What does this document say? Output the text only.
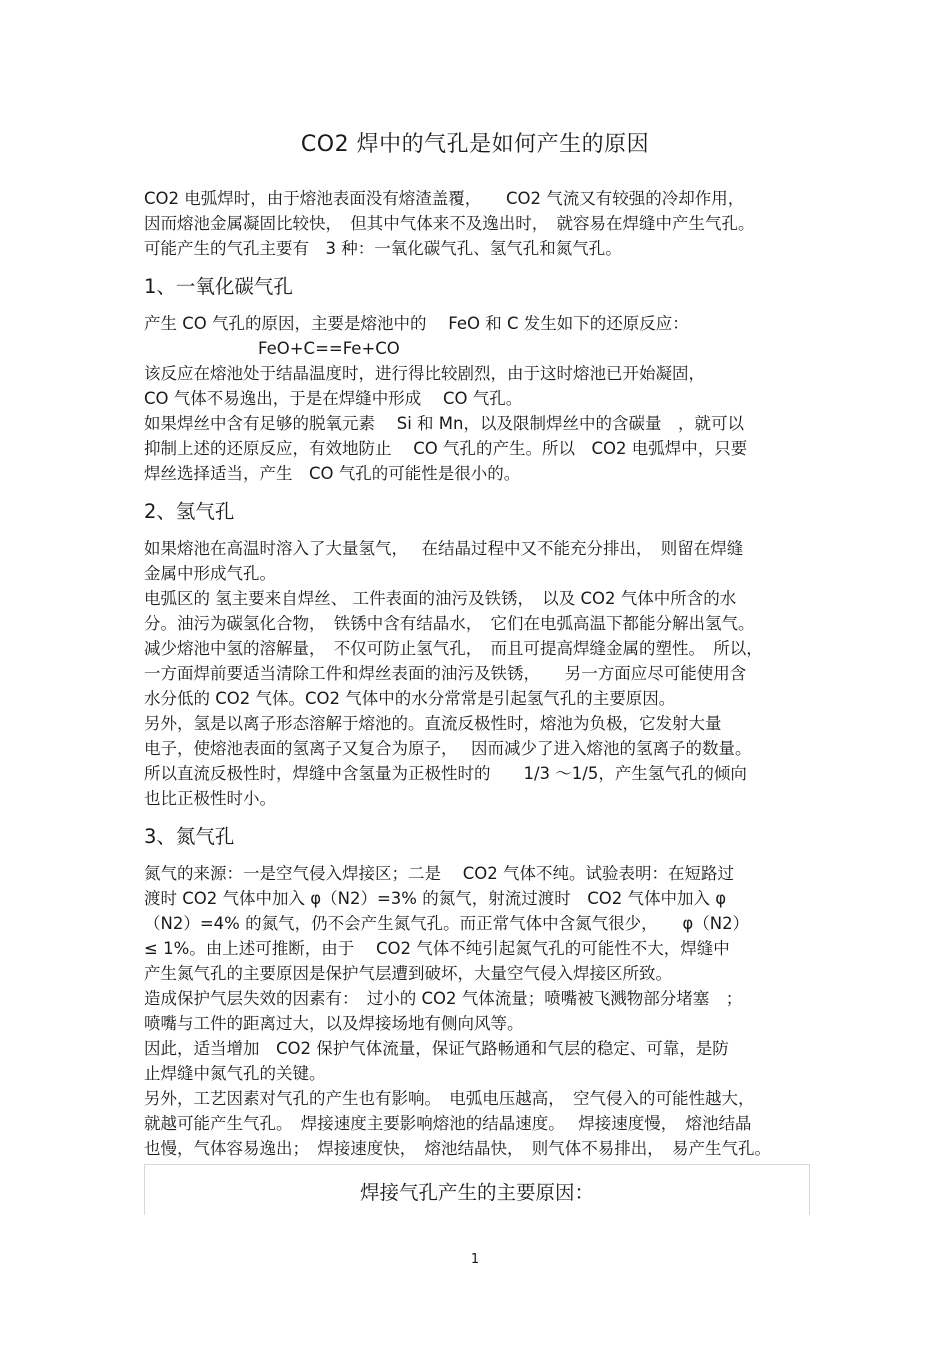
CO2 焊中的气孔是如何产生的原因

CO2 电弧焊时，由于熔池表面没有熔渣盖覆，　　CO2 气流又有较强的冷却作用，

因而熔池金属凝固比较快，　但其中气体来不及逸出时，　就容易在焊缝中产生气孔。

可能产生的气孔主要有　3 种：一氧化碳气孔、氢气孔和氮气孔。

1、一氧化碳气孔

产生 CO 气孔的原因，主要是熔池中的　 FeO 和 C 发生如下的还原反应：

FeO+C==Fe+CO

该反应在熔池处于结晶温度时，进行得比较剧烈，由于这时熔池已开始凝固，

CO 气体不易逸出，于是在焊缝中形成　 CO 气孔。

如果焊丝中含有足够的脱氧元素　 Si 和 Mn，以及限制焊丝中的含碳量　，就可以

抑制上述的还原反应，有效地防止　 CO 气孔的产生。所以　CO2 电弧焊中，只要

焊丝选择适当，产生　CO 气孔的可能性是很小的。

2、氢气孔

如果熔池在高温时溶入了大量氢气，　 在结晶过程中又不能充分排出，　则留在焊缝

金属中形成气孔。

电弧区的 氢主要来自焊丝、 工件表面的油污及铁锈，　以及 CO2 气体中所含的水

分。油污为碳氢化合物，　铁锈中含有结晶水，　它们在电弧高温下都能分解出氢气。

减少熔池中氢的溶解量，　不仅可防止氢气孔，　而且可提高焊缝金属的塑性。　所以，

一方面焊前要适当清除工件和焊丝表面的油污及铁锈，　　另一方面应尽可能使用含

水分低的 CO2 气体。CO2 气体中的水分常常是引起氢气孔的主要原因。

另外，氢是以离子形态溶解于熔池的。直流反极性时，熔池为负极，它发射大量

电子，使熔池表面的氢离子又复合为原子，　 因而减少了进入熔池的氢离子的数量。

所以直流反极性时，焊缝中含氢量为正极性时的　　1/3 ～1/5，产生氢气孔的倾向

也比正极性时小。

3、氮气孔

氮气的来源：一是空气侵入焊接区；二是　 CO2 气体不纯。试验表明：在短路过

渡时 CO2 气体中加入 φ（N2）=3% 的氮气，射流过渡时　CO2 气体中加入 φ

（N2）=4% 的氮气，仍不会产生氮气孔。而正常气体中含氮气很少，　　φ（N2）

≤ 1%。由上述可推断，由于　 CO2 气体不纯引起氮气孔的可能性不大，焊缝中

产生氮气孔的主要原因是保护气层遭到破坏，大量空气侵入焊接区所致。

造成保护气层失效的因素有：　过小的 CO2 气体流量；喷嘴被飞溅物部分堵塞　；

喷嘴与工件的距离过大，以及焊接场地有侧向风等。

因此，适当增加　CO2 保护气体流量，保证气路畅通和气层的稳定、可靠，是防

止焊缝中氮气孔的关键。

另外，工艺因素对气孔的产生也有影响。　电弧电压越高，　空气侵入的可能性越大，

就越可能产生气孔。　焊接速度主要影响熔池的结晶速度。　 焊接速度慢，　熔池结晶

也慢，气体容易逸出；　焊接速度快，　熔池结晶快，　则气体不易排出，　易产生气孔。

焊接气孔产生的主要原因：
1
